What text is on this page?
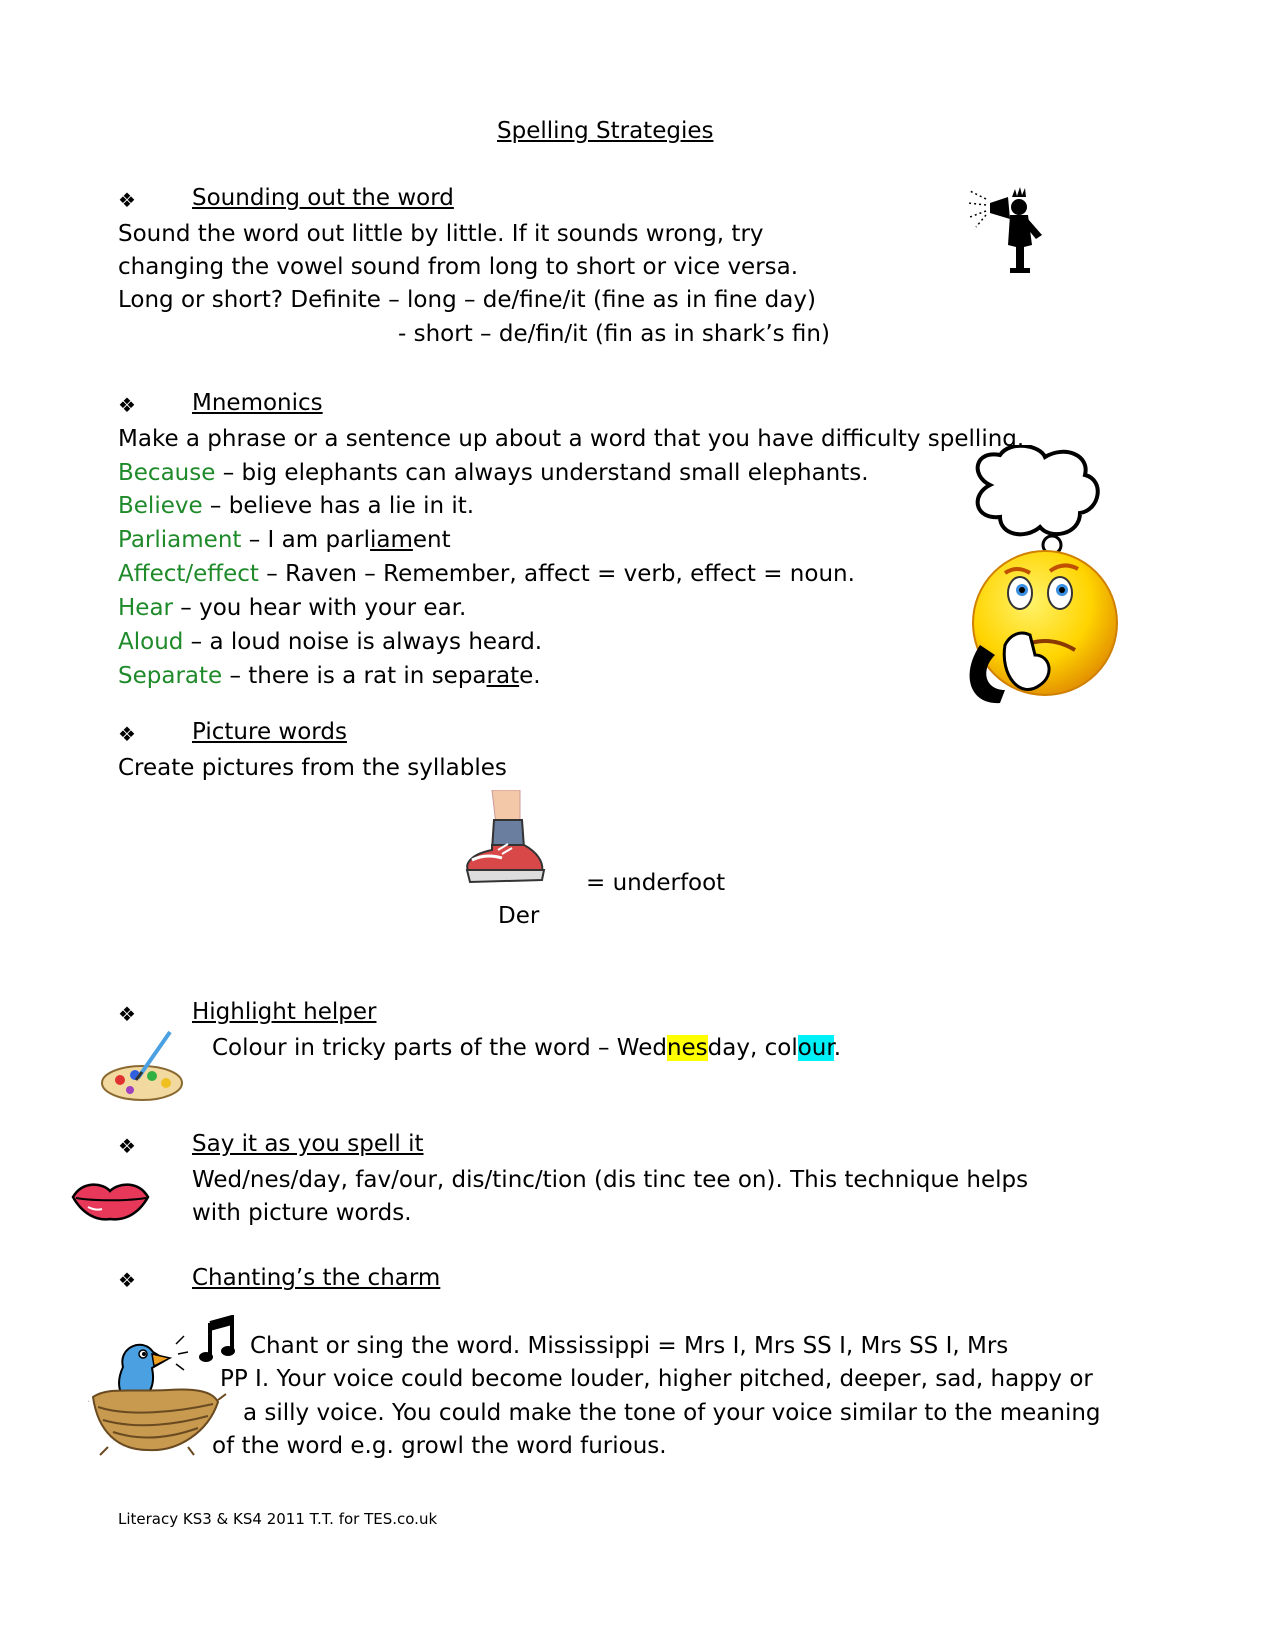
Spelling Strategies
❖ Sounding out the word
Sound the word out little by little. If it sounds wrong, try
changing the vowel sound from long to short or vice versa.
Long or short? Definite – long – de/fine/it (fine as in fine day)
- short – de/fin/it (fin as in shark’s fin)
❖ Mnemonics
Make a phrase or a sentence up about a word that you have difficulty spelling.
Because – big elephants can always understand small elephants.
Believe – believe has a lie in it.
Parliament – I am parliament
Affect/effect – Raven – Remember, affect = verb, effect = noun.
Hear – you hear with your ear.
Aloud – a loud noise is always heard.
Separate – there is a rat in separate.
❖ Picture words
Create pictures from the syllables
= underfoot
Der
❖ Highlight helper
Colour in tricky parts of the word – Wednesday, colour.
❖ Say it as you spell it
Wed/nes/day, fav/our, dis/tinc/tion (dis tinc tee on). This technique helps
with picture words.
❖ Chanting’s the charm
Chant or sing the word. Mississippi = Mrs I, Mrs SS I, Mrs SS I, Mrs
PP I. Your voice could become louder, higher pitched, deeper, sad, happy or
a silly voice. You could make the tone of your voice similar to the meaning
of the word e.g. growl the word furious.
Literacy KS3 & KS4 2011 T.T. for TES.co.uk
